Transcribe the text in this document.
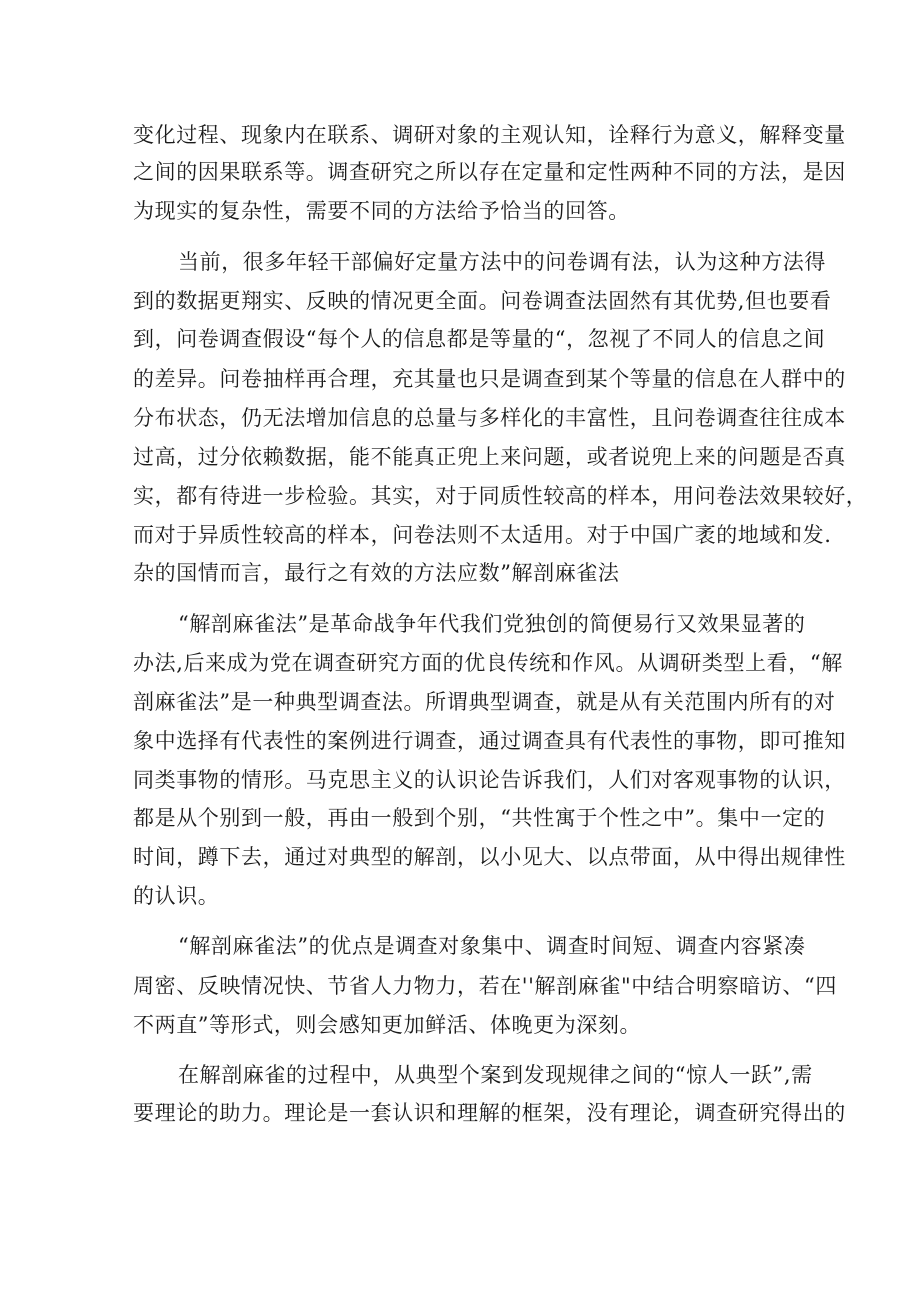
变化过程、现象内在联系、调研对象的主观认知，诠释行为意义，解释变量
之间的因果联系等。调查研究之所以存在定量和定性两种不同的方法，是因
为现实的复杂性，需要不同的方法给予恰当的回答。
当前，很多年轻干部偏好定量方法中的问卷调有法，认为这种方法得
到的数据更翔实、反映的情况更全面。问卷调查法固然有其优势,但也要看
到，问卷调查假设“每个人的信息都是等量的“，忽视了不同人的信息之间
的差异。问卷抽样再合理，充其量也只是调查到某个等量的信息在人群中的
分布状态，仍无法增加信息的总量与多样化的丰富性，且问卷调查往往成本
过高，过分依赖数据，能不能真正兜上来问题，或者说兜上来的问题是否真
实，都有待进一步检验。其实，对于同质性较高的样本，用问卷法效果较好，
而对于异质性较高的样本，问卷法则不太适用。对于中国广袤的地域和发.
杂的国情而言，最行之有效的方法应数”解剖麻雀法
“解剖麻雀法”是革命战争年代我们党独创的简便易行又效果显著的
办法,后来成为党在调查研究方面的优良传统和作风。从调研类型上看，“解
剖麻雀法”是一种典型调查法。所谓典型调查，就是从有关范围内所有的对
象中选择有代表性的案例进行调查，通过调查具有代表性的事物，即可推知
同类事物的情形。马克思主义的认识论告诉我们，人们对客观事物的认识，
都是从个别到一般，再由一般到个别，“共性寓于个性之中”。集中一定的
时间，蹲下去，通过对典型的解剖，以小见大、以点带面，从中得出规律性
的认识。
“解剖麻雀法”的优点是调查对象集中、调查时间短、调查内容紧凑
周密、反映情况快、节省人力物力，若在''解剖麻雀"中结合明察暗访、“四
不两直”等形式，则会感知更加鲜活、体晚更为深刻。
在解剖麻雀的过程中，从典型个案到发现规律之间的“惊人一跃”,需
要理论的助力。理论是一套认识和理解的框架，没有理论，调查研究得出的
